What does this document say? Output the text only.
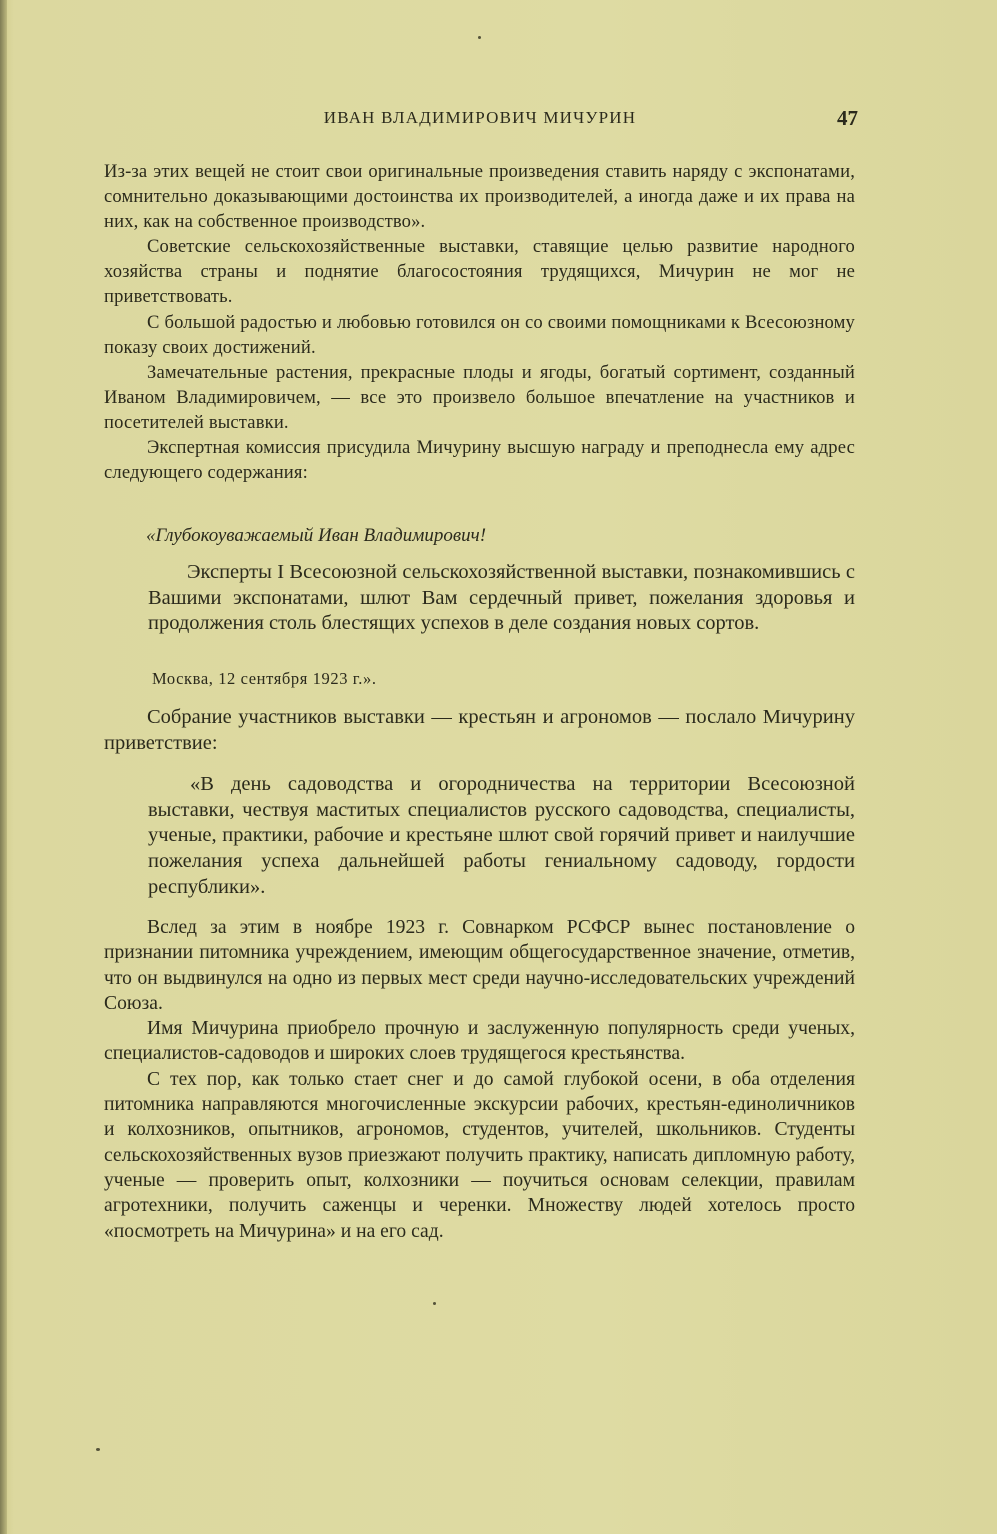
ИВАН ВЛАДИМИРОВИЧ МИЧУРИН	47

Из-за этих вещей не стоит свои оригинальные произведения ставить наряду с экспонатами, сомнительно доказывающими достоинства их производителей, а иногда даже и их права на них, как на собственное производство».

Советские сельскохозяйственные выставки, ставящие целью развитие народного хозяйства страны и поднятие благосостояния трудящихся, Мичурин не мог не приветствовать.

С большой радостью и любовью готовился он со своими помощниками к Всесоюзному показу своих достижений.

Замечательные растения, прекрасные плоды и ягоды, богатый сортимент, созданный Иваном Владимировичем, — все это произвело большое впечатление на участников и посетителей выставки.

Экспертная комиссия присудила Мичурину высшую награду и преподнесла ему адрес следующего содержания:

«Глубокоуважаемый Иван Владимирович!

Эксперты I Всесоюзной сельскохозяйственной выставки, познакомившись с Вашими экспонатами, шлют Вам сердечный привет, пожелания здоровья и продолжения столь блестящих успехов в деле создания новых сортов.

Москва, 12 сентября 1923 г.».

Собрание участников выставки — крестьян и агрономов — послало Мичурину приветствие:

«В день садоводства и огородничества на территории Всесоюзной выставки, чествуя маститых специалистов русского садоводства, специалисты, ученые, практики, рабочие и крестьяне шлют свой горячий привет и наилучшие пожелания успеха дальнейшей работы гениальному садоводу, гордости республики».

Вслед за этим в ноябре 1923 г. Совнарком РСФСР вынес постановление о признании питомника учреждением, имеющим общегосударственное значение, отметив, что он выдвинулся на одно из первых мест среди научно-исследовательских учреждений Союза.

Имя Мичурина приобрело прочную и заслуженную популярность среди ученых, специалистов-садоводов и широких слоев трудящегося крестьянства.

С тех пор, как только стает снег и до самой глубокой осени, в оба отделения питомника направляются многочисленные экскурсии рабочих, крестьян-единоличников и колхозников, опытников, агрономов, студентов, учителей, школьников. Студенты сельскохозяйственных вузов приезжают получить практику, написать дипломную работу, ученые — проверить опыт, колхозники — поучиться основам селекции, правилам агротехники, получить саженцы и черенки. Множеству людей хотелось просто «посмотреть на Мичурина» и на его сад.
